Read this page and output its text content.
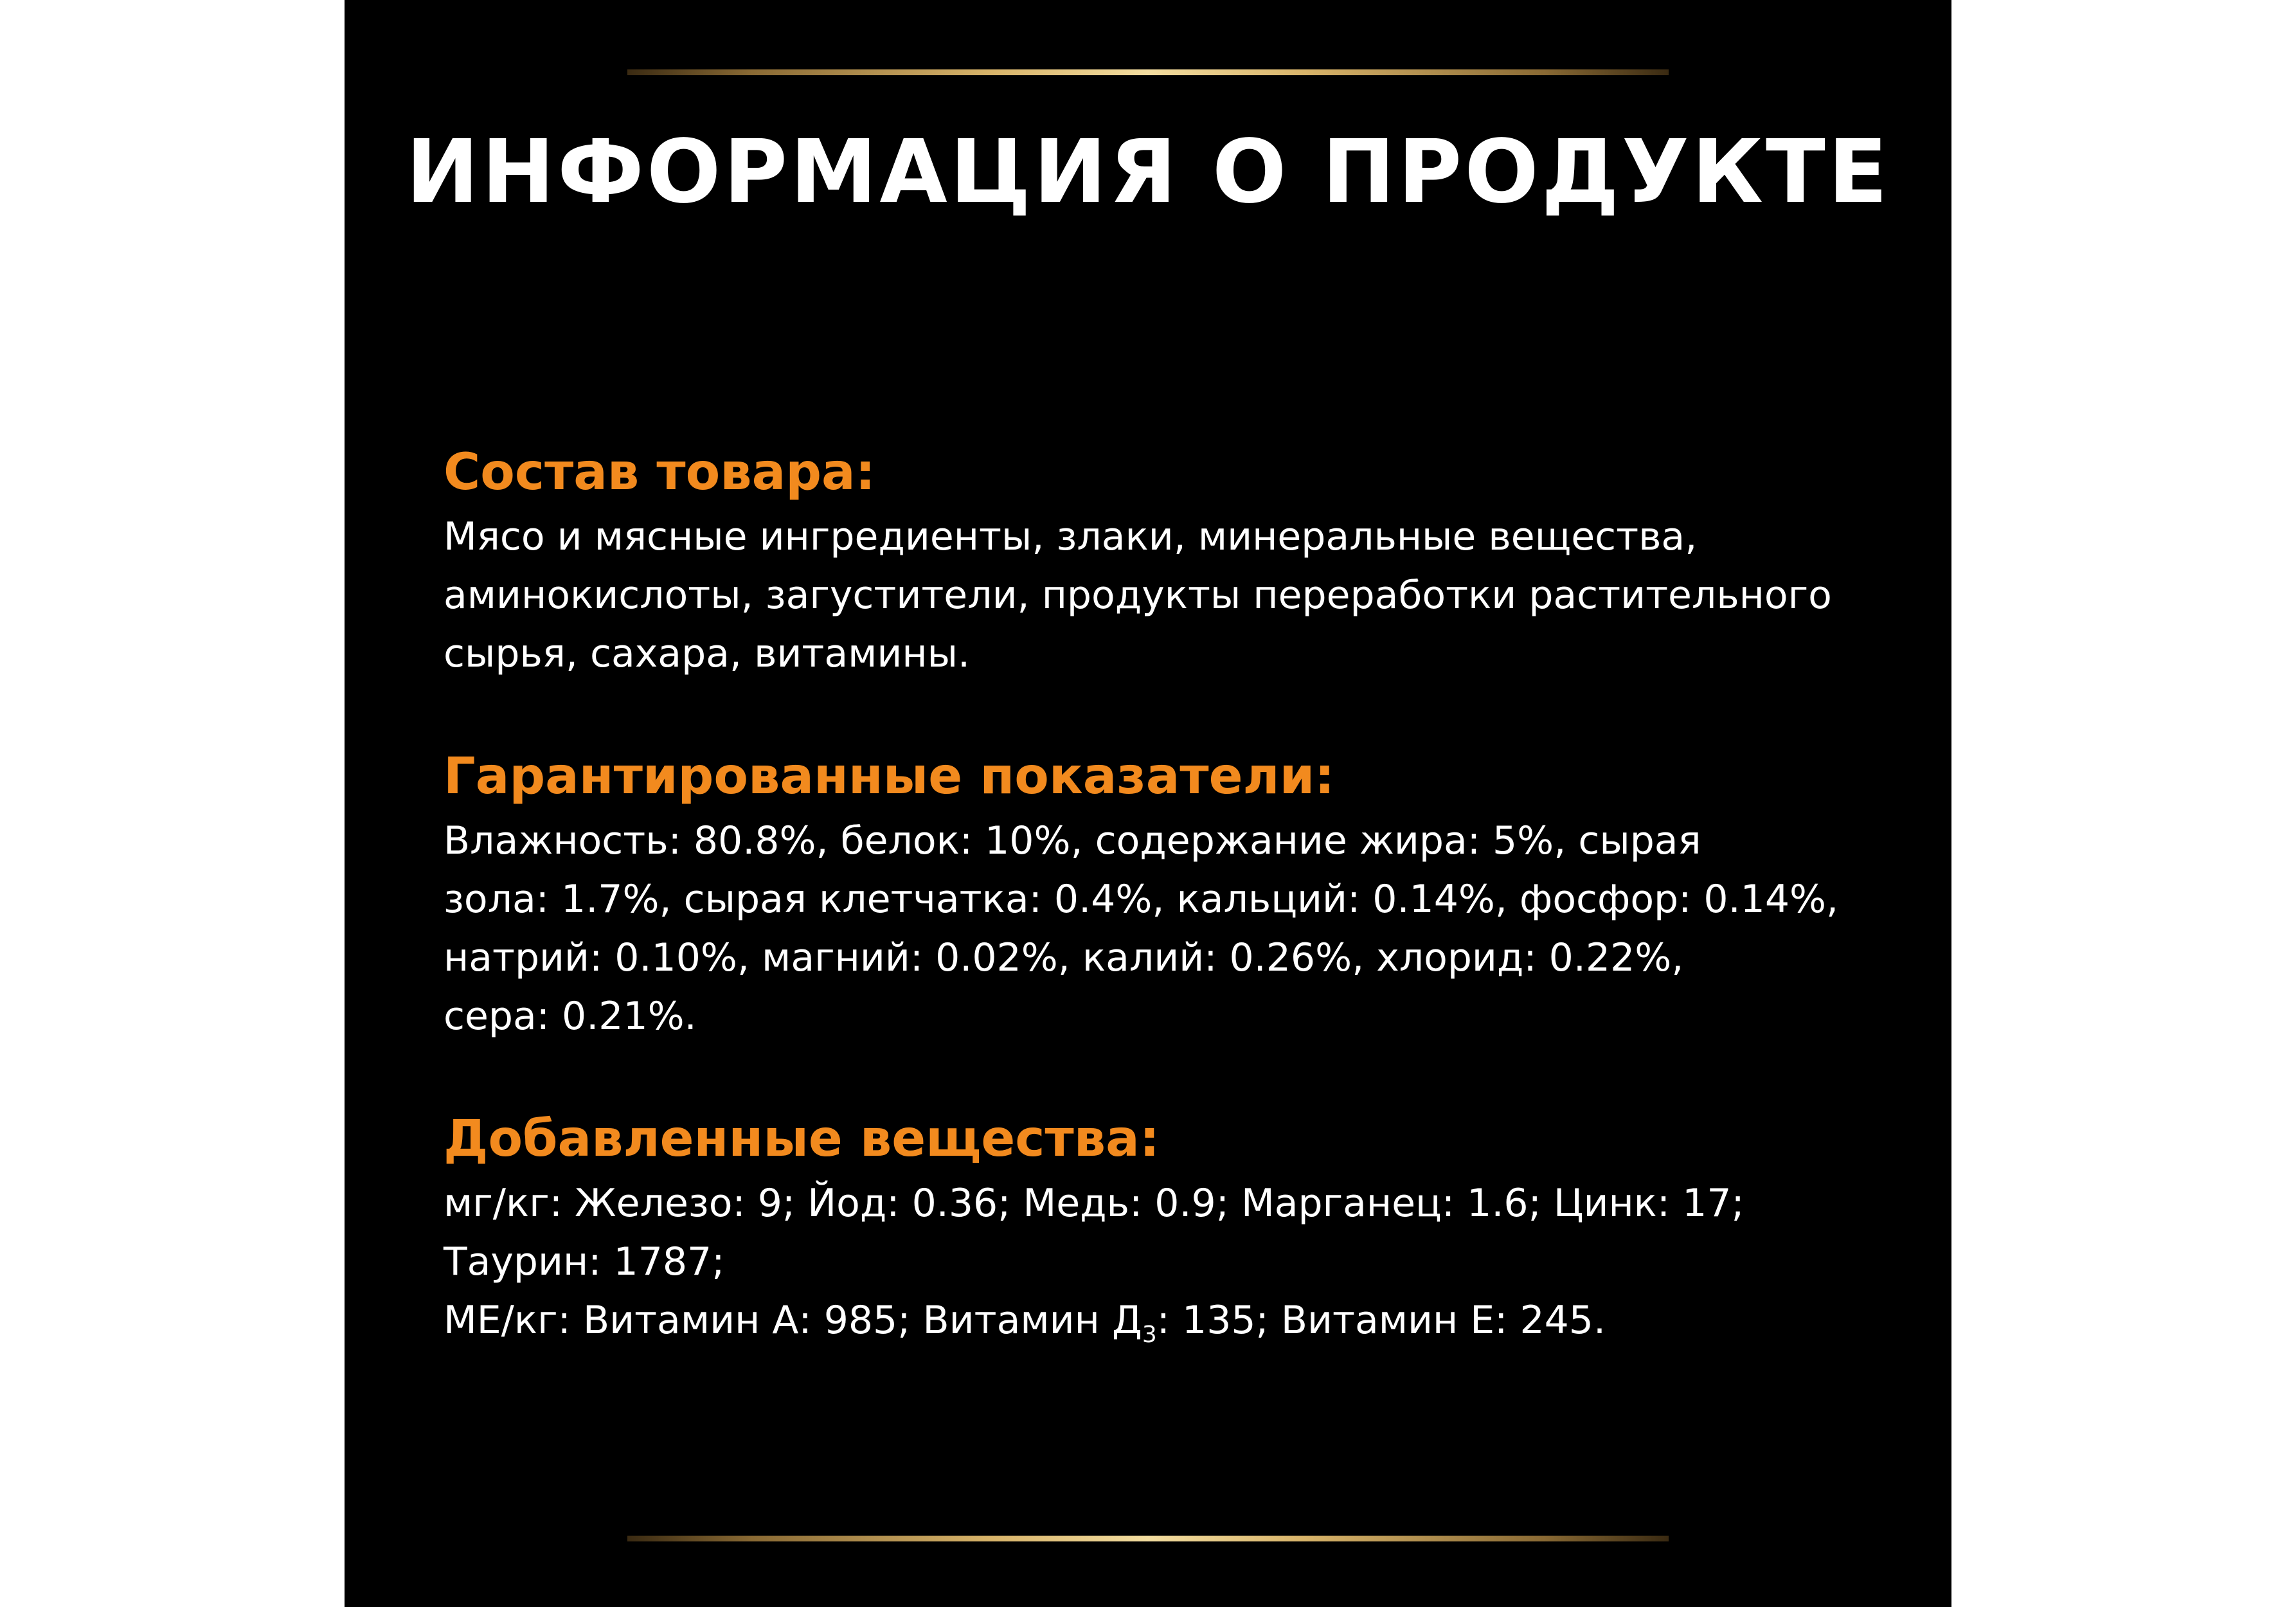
ИНФОРМАЦИЯ О ПРОДУКТЕ
Состав товара:
Мясо и мясные ингредиенты, злаки, минеральные вещества,
аминокислоты, загустители, продукты переработки растительного
сырья, сахара, витамины.
Гарантированные показатели:
Влажность: 80.8%, белок: 10%, содержание жира: 5%, сырая
зола: 1.7%, сырая клетчатка: 0.4%, кальций: 0.14%, фосфор: 0.14%,
натрий: 0.10%, магний: 0.02%, калий: 0.26%, хлорид: 0.22%,
сера: 0.21%.
Добавленные вещества:
мг/кг: Железо: 9; Йод: 0.36; Медь: 0.9; Марганец: 1.6; Цинк: 17;
Таурин: 1787;
МЕ/кг: Витамин А: 985; Витамин $Д_3$: 135; Витамин Е: 245.
